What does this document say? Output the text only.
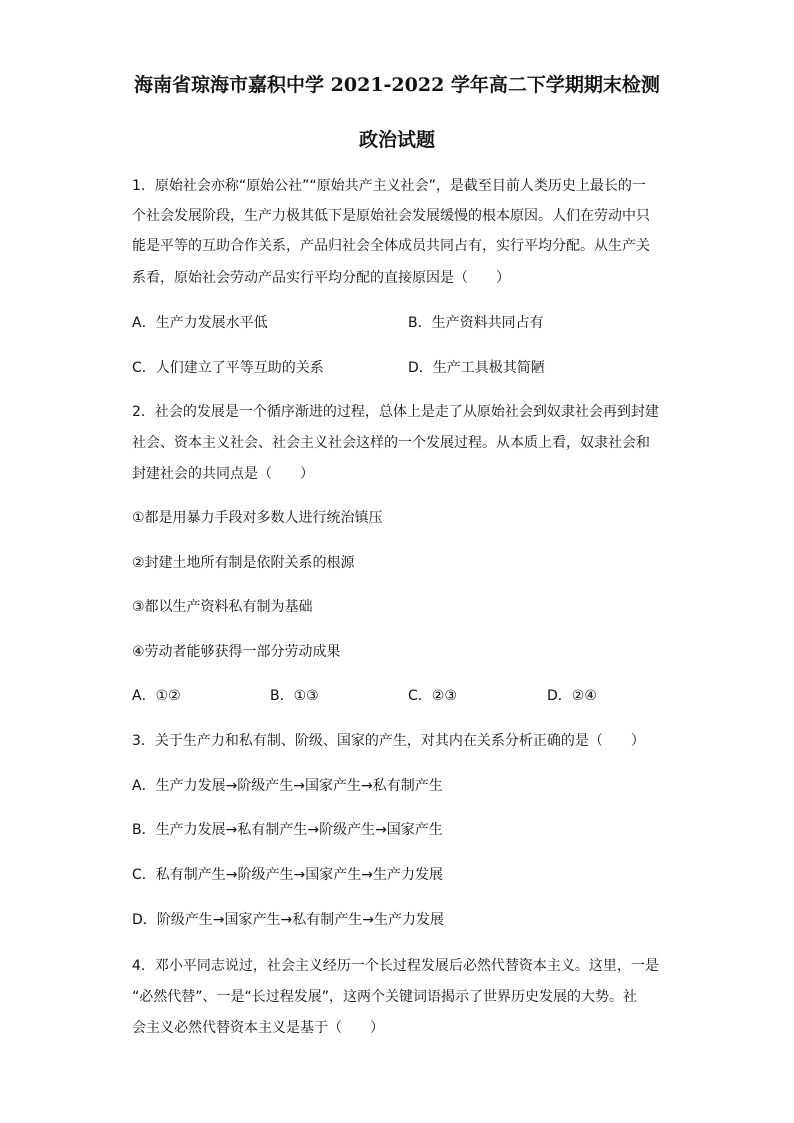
海南省琼海市嘉积中学 2021-2022 学年高二下学期期末检测
政治试题
1．原始社会亦称“原始公社”“原始共产主义社会”，是截至目前人类历史上最长的一
个社会发展阶段，生产力极其低下是原始社会发展缓慢的根本原因。人们在劳动中只
能是平等的互助合作关系，产品归社会全体成员共同占有，实行平均分配。从生产关
系看，原始社会劳动产品实行平均分配的直接原因是（　　）
A．生产力发展水平低	B．生产资料共同占有
C．人们建立了平等互助的关系	D．生产工具极其简陋
2．社会的发展是一个循序渐进的过程，总体上是走了从原始社会到奴隶社会再到封建
社会、资本主义社会、社会主义社会这样的一个发展过程。从本质上看，奴隶社会和
封建社会的共同点是（　　）
①都是用暴力手段对多数人进行统治镇压
②封建土地所有制是依附关系的根源
③都以生产资料私有制为基础
④劳动者能够获得一部分劳动成果
A．①②	B．①③	C．②③	D．②④
3．关于生产力和私有制、阶级、国家的产生，对其内在关系分析正确的是（　　）
A．生产力发展→阶级产生→国家产生→私有制产生
B．生产力发展→私有制产生→阶级产生→国家产生
C．私有制产生→阶级产生→国家产生→生产力发展
D．阶级产生→国家产生→私有制产生→生产力发展
4．邓小平同志说过，社会主义经历一个长过程发展后必然代替资本主义。这里，一是
“必然代替”、一是“长过程发展”，这两个关键词语揭示了世界历史发展的大势。社
会主义必然代替资本主义是基于（　　）
